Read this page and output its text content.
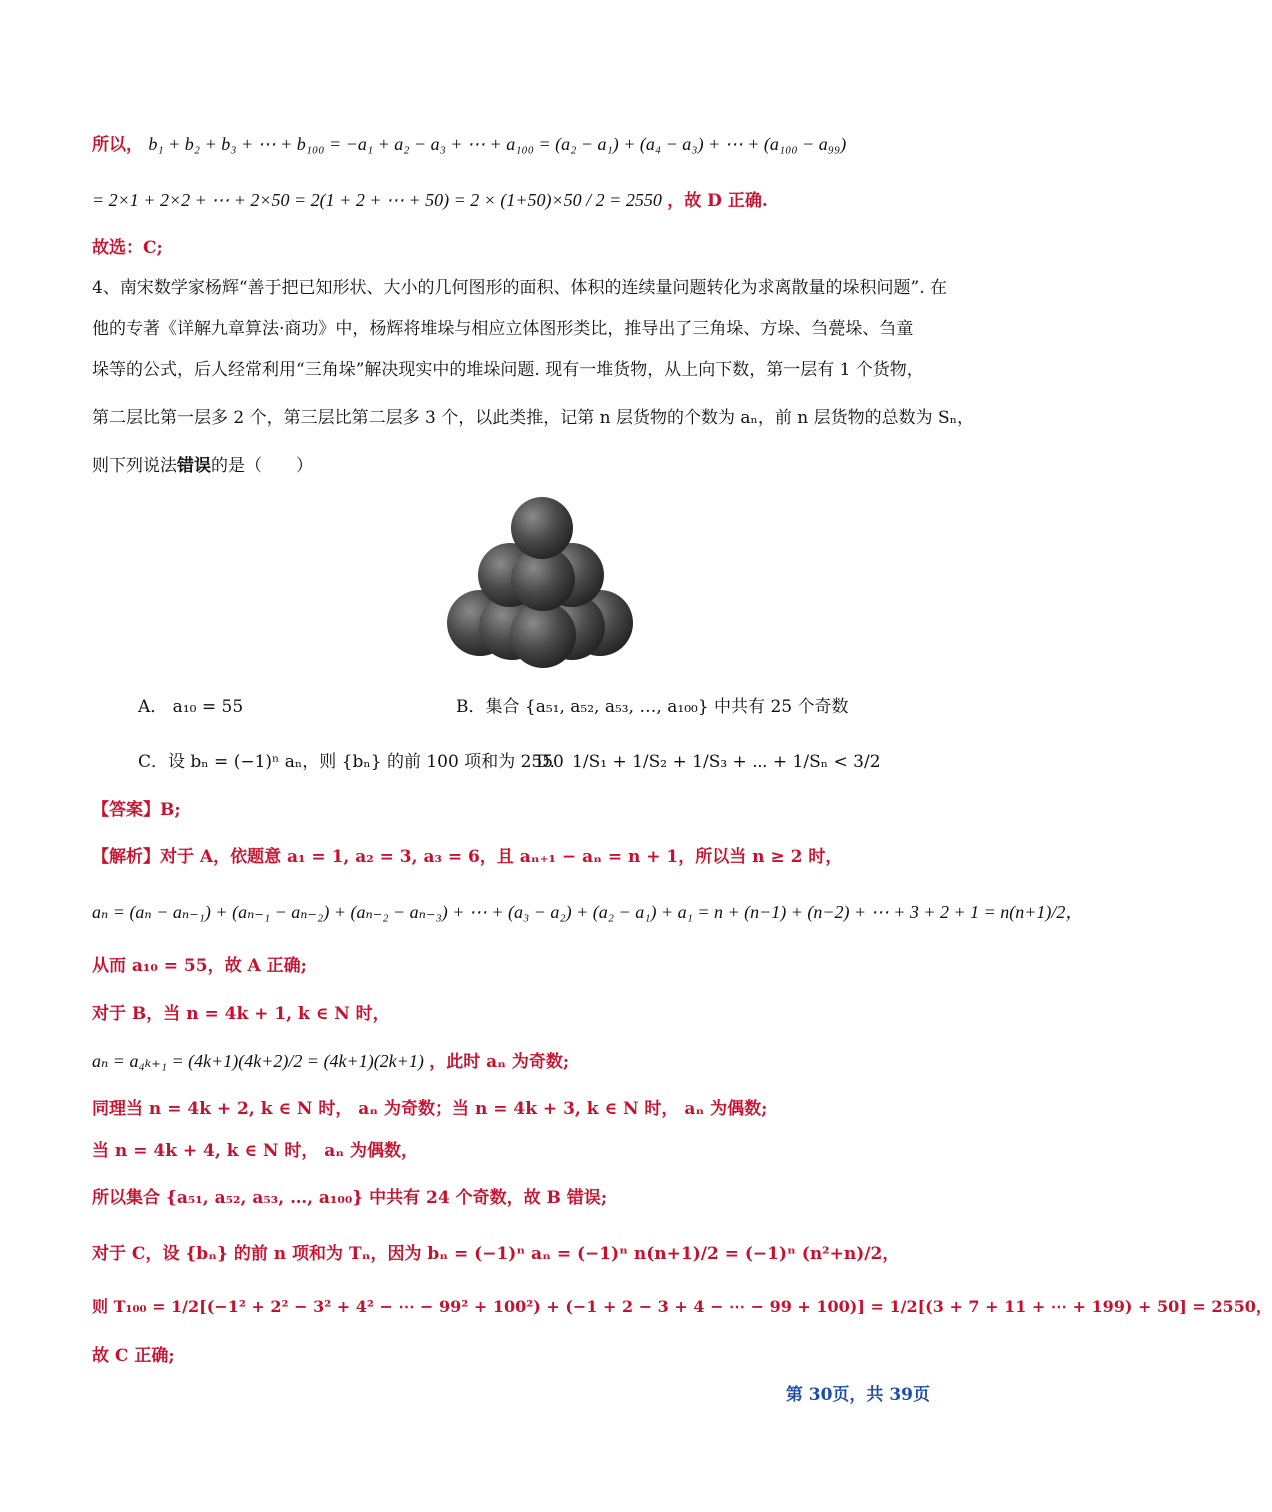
所以， b₁ + b₂ + b₃ + ⋯ + b₁₀₀ = −a₁ + a₂ − a₃ + ⋯ + a₁₀₀ = (a₂ − a₁) + (a₄ − a₃) + ⋯ + (a₁₀₀ − a₉₉)
= 2×1 + 2×2 + ⋯ + 2×50 = 2(1 + 2 + ⋯ + 50) = 2 × (1+50)×50 / 2 = 2550 ，故 D 正确.
故选：C;
4、南宋数学家杨辉“善于把已知形状、大小的几何图形的面积、体积的连续量问题转化为求离散量的垛积问题”. 在
他的专著《详解九章算法·商功》中，杨辉将堆垛与相应立体图形类比，推导出了三角垛、方垛、刍甍垛、刍童
垛等的公式，后人经常利用“三角垛”解决现实中的堆垛问题. 现有一堆货物，从上向下数，第一层有 1 个货物，
第二层比第一层多 2 个，第三层比第二层多 3 个，以此类推，记第 n 层货物的个数为 aₙ，前 n 层货物的总数为 Sₙ，
则下列说法错误的是（　　）
A． a₁₀ = 55	B．集合 {a₅₁, a₅₂, a₅₃, …, a₁₀₀} 中共有 25 个奇数
C．设 bₙ = (−1)ⁿ aₙ，则 {bₙ} 的前 100 项和为 2550
D． 1/S₁ + 1/S₂ + 1/S₃ + ⋯ + 1/Sₙ < 3/2
【答案】B;
【解析】对于 A，依题意 a₁ = 1, a₂ = 3, a₃ = 6，且 aₙ₊₁ − aₙ = n + 1，所以当 n ≥ 2 时，
aₙ = (aₙ − aₙ₋₁) + (aₙ₋₁ − aₙ₋₂) + (aₙ₋₂ − aₙ₋₃) + ⋯ + (a₃ − a₂) + (a₂ − a₁) + a₁ = n + (n−1) + (n−2) + ⋯ + 3 + 2 + 1 = n(n+1)/2，
从而 a₁₀ = 55，故 A 正确;
对于 B，当 n = 4k + 1, k ∈ N 时，
aₙ = a₄ₖ₊₁ = (4k+1)(4k+2)/2 = (4k+1)(2k+1) ，此时 aₙ 为奇数;
同理当 n = 4k + 2, k ∈ N 时， aₙ 为奇数；当 n = 4k + 3, k ∈ N 时， aₙ 为偶数;
当 n = 4k + 4, k ∈ N 时， aₙ 为偶数，
所以集合 {a₅₁, a₅₂, a₅₃, …, a₁₀₀} 中共有 24 个奇数，故 B 错误;
对于 C，设 {bₙ} 的前 n 项和为 Tₙ，因为 bₙ = (−1)ⁿ aₙ = (−1)ⁿ n(n+1)/2 = (−1)ⁿ (n²+n)/2，
则 T₁₀₀ = 1/2[(−1² + 2² − 3² + 4² − ⋯ − 99² + 100²) + (−1 + 2 − 3 + 4 − ⋯ − 99 + 100)] = 1/2[(3 + 7 + 11 + ⋯ + 199) + 50] = 2550，
故 C 正确;
第 30页，共 39页
